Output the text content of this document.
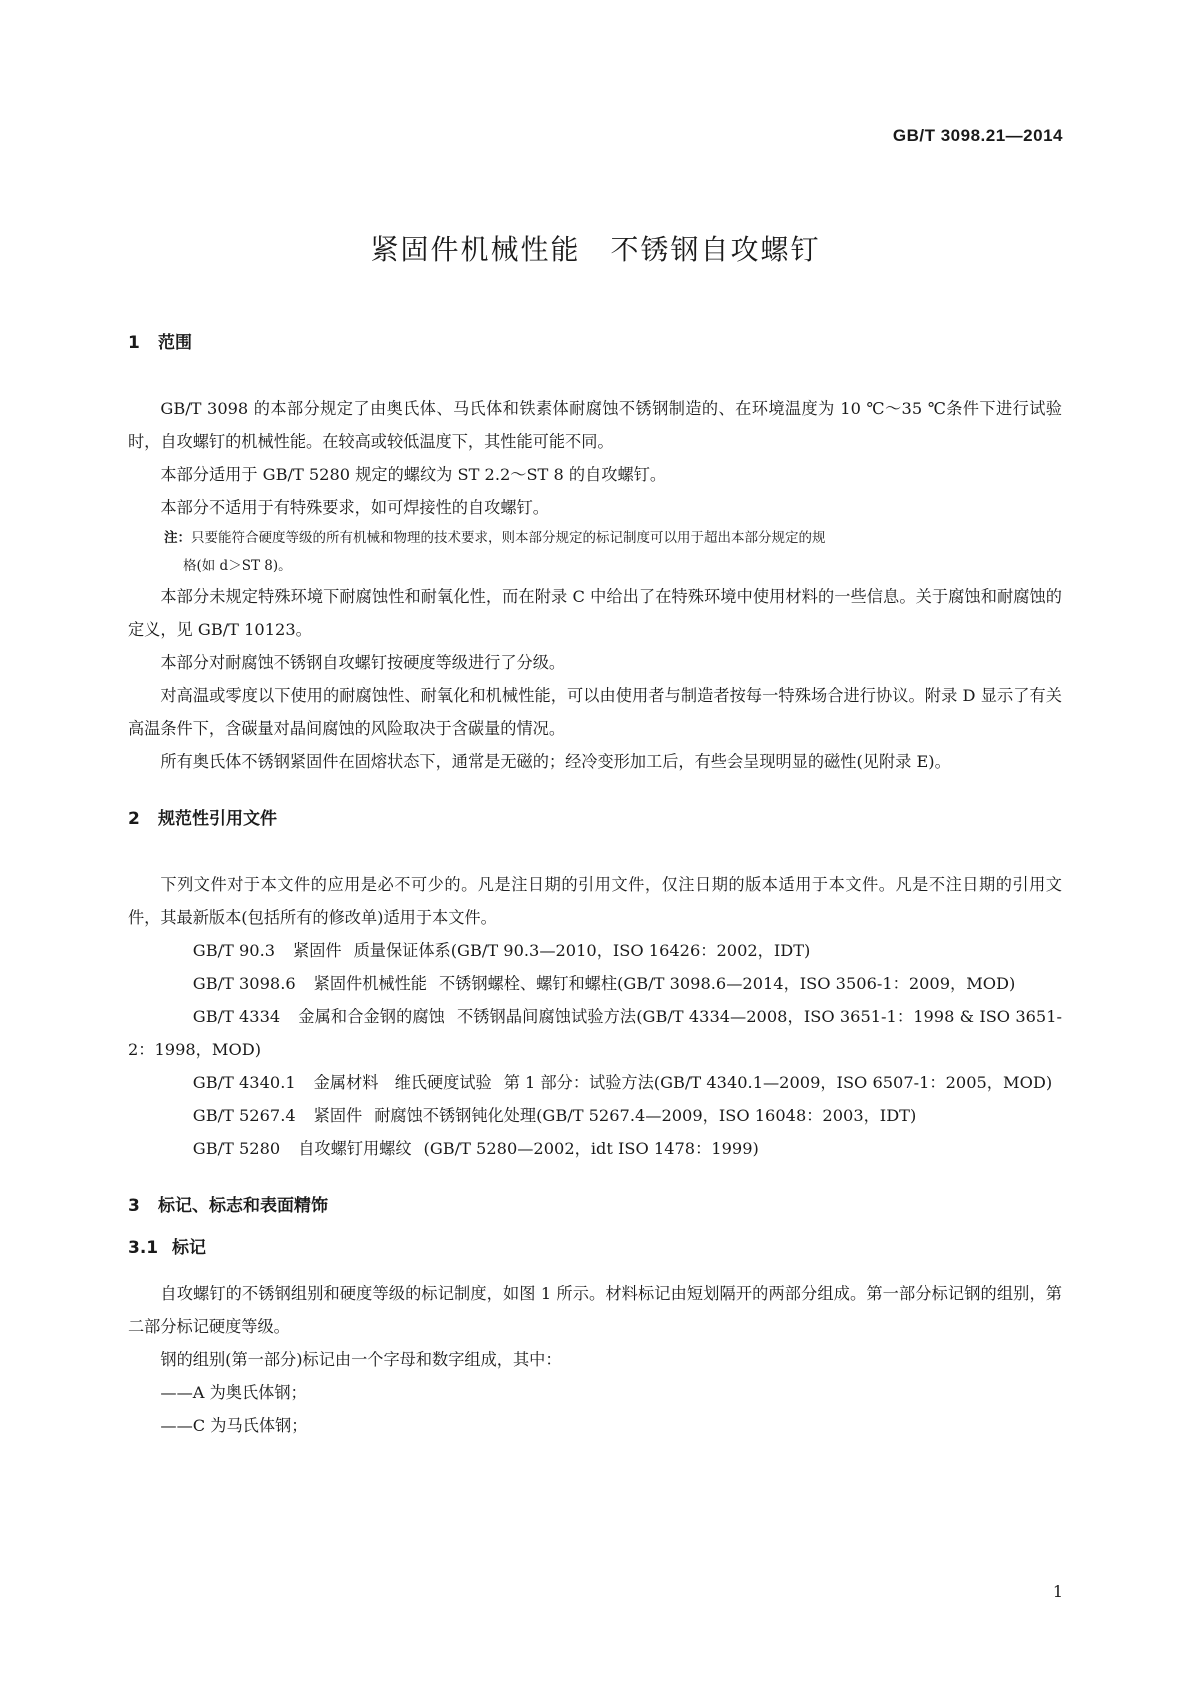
GB/T 3098.21—2014
紧固件机械性能　不锈钢自攻螺钉
1 范围

GB/T 3098 的本部分规定了由奥氏体、马氏体和铁素体耐腐蚀不锈钢制造的、在环境温度为 10 ℃～35 ℃条件下进行试验时，自攻螺钉的机械性能。在较高或较低温度下，其性能可能不同。

本部分适用于 GB/T 5280 规定的螺纹为 ST 2.2～ST 8 的自攻螺钉。

本部分不适用于有特殊要求，如可焊接性的自攻螺钉。

注：只要能符合硬度等级的所有机械和物理的技术要求，则本部分规定的标记制度可以用于超出本部分规定的规
格(如 d＞ST 8)。

本部分未规定特殊环境下耐腐蚀性和耐氧化性，而在附录 C 中给出了在特殊环境中使用材料的一些信息。关于腐蚀和耐腐蚀的定义，见 GB/T 10123。

本部分对耐腐蚀不锈钢自攻螺钉按硬度等级进行了分级。

对高温或零度以下使用的耐腐蚀性、耐氧化和机械性能，可以由使用者与制造者按每一特殊场合进行协议。附录 D 显示了有关高温条件下，含碳量对晶间腐蚀的风险取决于含碳量的情况。

所有奥氏体不锈钢紧固件在固熔状态下，通常是无磁的；经冷变形加工后，有些会呈现明显的磁性(见附录 E)。

2 规范性引用文件

下列文件对于本文件的应用是必不可少的。凡是注日期的引用文件，仅注日期的版本适用于本文件。凡是不注日期的引用文件，其最新版本(包括所有的修改单)适用于本文件。

GB/T 90.3 紧固件 质量保证体系(GB/T 90.3—2010，ISO 16426：2002，IDT)

GB/T 3098.6 紧固件机械性能 不锈钢螺栓、螺钉和螺柱(GB/T 3098.6—2014，ISO 3506-1：2009，MOD)

GB/T 4334 金属和合金钢的腐蚀 不锈钢晶间腐蚀试验方法(GB/T 4334—2008，ISO 3651-1：1998 & ISO 3651-2：1998，MOD)

GB/T 4340.1 金属材料　维氏硬度试验 第 1 部分：试验方法(GB/T 4340.1—2009，ISO 6507-1：2005，MOD)

GB/T 5267.4 紧固件 耐腐蚀不锈钢钝化处理(GB/T 5267.4—2009，ISO 16048：2003，IDT)

GB/T 5280 自攻螺钉用螺纹 (GB/T 5280—2002，idt ISO 1478：1999)

3 标记、标志和表面精饰
3.1 标记

自攻螺钉的不锈钢组别和硬度等级的标记制度，如图 1 所示。材料标记由短划隔开的两部分组成。第一部分标记钢的组别，第二部分标记硬度等级。

钢的组别(第一部分)标记由一个字母和数字组成，其中：

——A 为奥氏体钢；

——C 为马氏体钢；

1
